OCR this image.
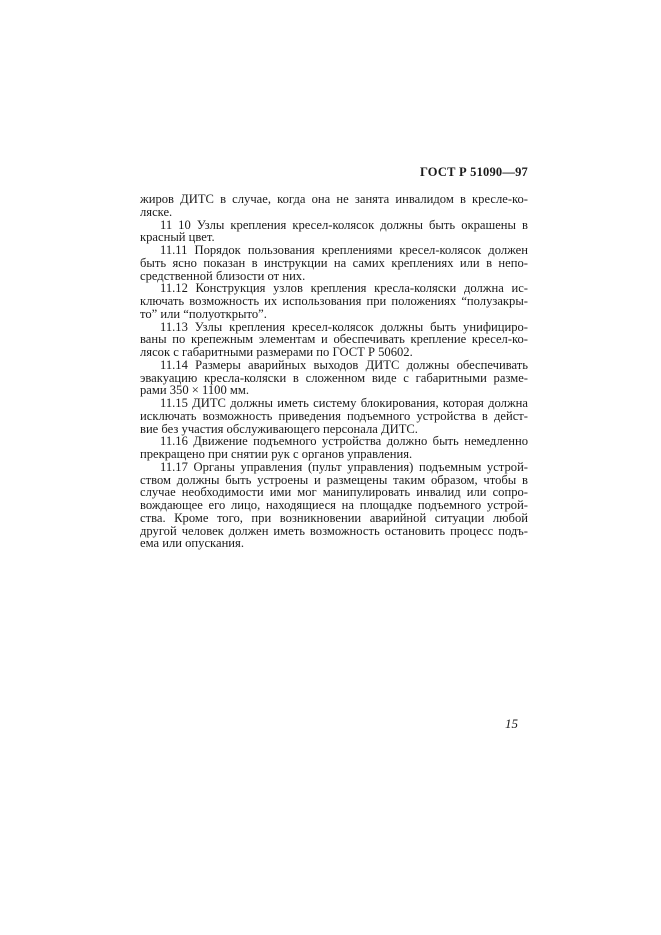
ГОСТ Р 51090—97
жиров ДИТС в случае, когда она не занята инвалидом в кресле-ко-
ляске.
11 10 Узлы крепления кресел-колясок должны быть окрашены в
красный цвет.
11.11 Порядок пользования креплениями кресел-колясок должен
быть ясно показан в инструкции на самих креплениях или в непо-
средственной близости от них.
11.12 Конструкция узлов крепления кресла-коляски должна ис-
ключать возможность их использования при положениях “полузакры-
то” или “полуоткрыто”.
11.13 Узлы крепления кресел-колясок должны быть унифициро-
ваны по крепежным элементам и обеспечивать крепление кресел-ко-
лясок с габаритными размерами по ГОСТ Р 50602.
11.14 Размеры аварийных выходов ДИТС должны обеспечивать
эвакуацию кресла-коляски в сложенном виде с габаритными разме-
рами 350 × 1100 мм.
11.15 ДИТС должны иметь систему блокирования, которая должна
исключать возможность приведения подъемного устройства в дейст-
вие без участия обслуживающего персонала ДИТС.
11.16 Движение подъемного устройства должно быть немедленно
прекращено при снятии рук с органов управления.
11.17 Органы управления (пульт управления) подъемным устрой-
ством должны быть устроены и размещены таким образом, чтобы в
случае необходимости ими мог манипулировать инвалид или сопро-
вождающее его лицо, находящиеся на площадке подъемного устрой-
ства. Кроме того, при возникновении аварийной ситуации любой
другой человек должен иметь возможность остановить процесс подъ-
ема или опускания.
15
